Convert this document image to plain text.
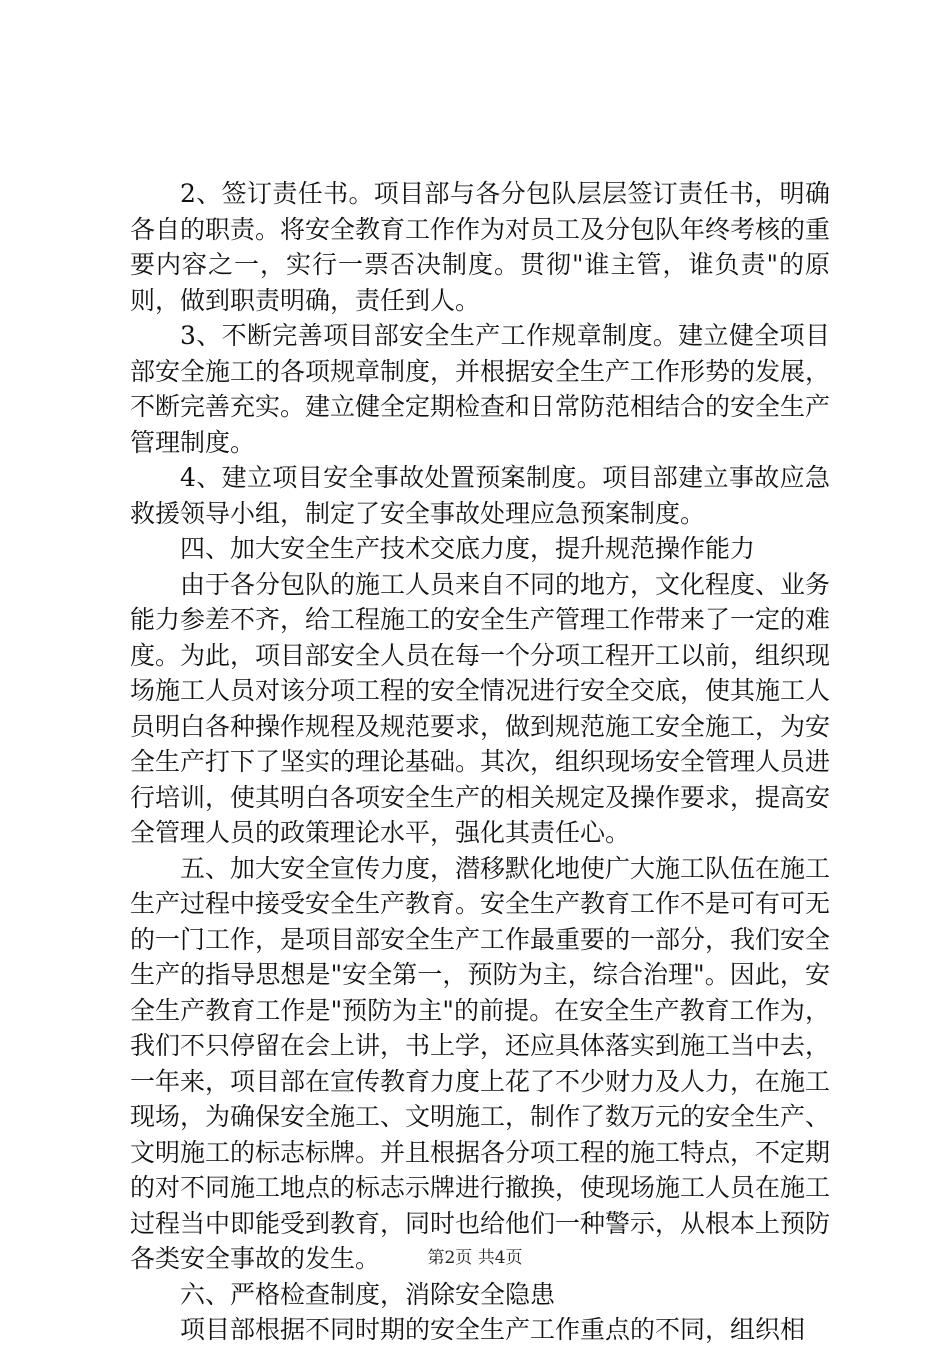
2、签订责任书。项目部与各分包队层层签订责任书，明确各自的职责。将安全教育工作作为对员工及分包队年终考核的重要内容之一，实行一票否决制度。贯彻"谁主管，谁负责"的原则，做到职责明确，责任到人。

3、不断完善项目部安全生产工作规章制度。建立健全项目部安全施工的各项规章制度，并根据安全生产工作形势的发展，不断完善充实。建立健全定期检查和日常防范相结合的安全生产管理制度。

4、建立项目安全事故处置预案制度。项目部建立事故应急救援领导小组，制定了安全事故处理应急预案制度。

四、加大安全生产技术交底力度，提升规范操作能力

由于各分包队的施工人员来自不同的地方，文化程度、业务能力参差不齐，给工程施工的安全生产管理工作带来了一定的难度。为此，项目部安全人员在每一个分项工程开工以前，组织现场施工人员对该分项工程的安全情况进行安全交底，使其施工人员明白各种操作规程及规范要求，做到规范施工安全施工，为安全生产打下了坚实的理论基础。其次，组织现场安全管理人员进行培训，使其明白各项安全生产的相关规定及操作要求，提高安全管理人员的政策理论水平，强化其责任心。

五、加大安全宣传力度，潜移默化地使广大施工队伍在施工生产过程中接受安全生产教育。安全生产教育工作不是可有可无的一门工作，是项目部安全生产工作最重要的一部分，我们安全生产的指导思想是"安全第一，预防为主，综合治理"。因此，安全生产教育工作是"预防为主"的前提。在安全生产教育工作为，我们不只停留在会上讲，书上学，还应具体落实到施工当中去，一年来，项目部在宣传教育力度上花了不少财力及人力，在施工现场，为确保安全施工、文明施工，制作了数万元的安全生产、文明施工的标志标牌。并且根据各分项工程的施工特点，不定期的对不同施工地点的标志示牌进行撤换，使现场施工人员在施工过程当中即能受到教育，同时也给他们一种警示，从根本上预防各类安全事故的发生。

六、严格检查制度，消除安全隐患

项目部根据不同时期的安全生产工作重点的不同，组织相

第2页 共4页
